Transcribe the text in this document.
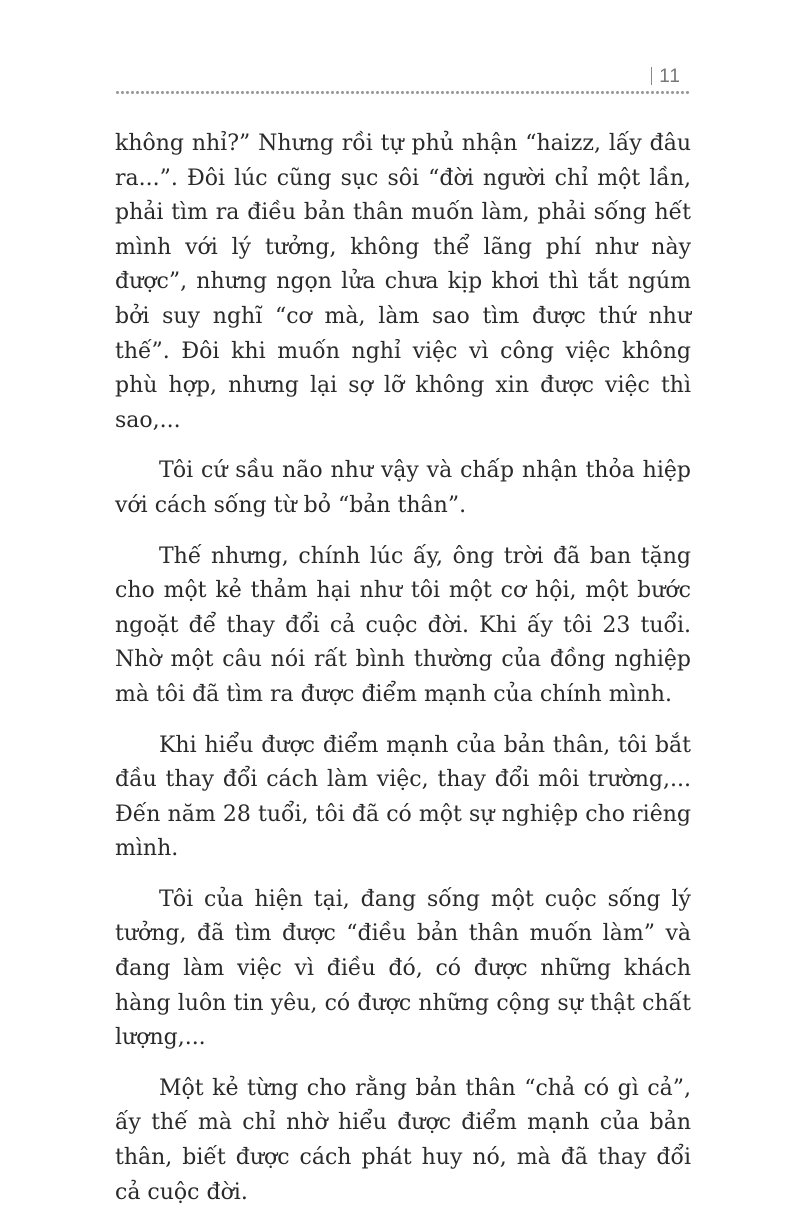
11

không nhỉ?” Nhưng rồi tự phủ nhận “haizz, lấy đâu ra...”. Đôi lúc cũng sục sôi “đời người chỉ một lần, phải tìm ra điều bản thân muốn làm, phải sống hết mình với lý tưởng, không thể lãng phí như này được”, nhưng ngọn lửa chưa kịp khơi thì tắt ngúm bởi suy nghĩ “cơ mà, làm sao tìm được thứ như thế”. Đôi khi muốn nghỉ việc vì công việc không phù hợp, nhưng lại sợ lỡ không xin được việc thì sao,...

Tôi cứ sầu não như vậy và chấp nhận thỏa hiệp với cách sống từ bỏ “bản thân”.

Thế nhưng, chính lúc ấy, ông trời đã ban tặng cho một kẻ thảm hại như tôi một cơ hội, một bước ngoặt để thay đổi cả cuộc đời. Khi ấy tôi 23 tuổi. Nhờ một câu nói rất bình thường của đồng nghiệp mà tôi đã tìm ra được điểm mạnh của chính mình.

Khi hiểu được điểm mạnh của bản thân, tôi bắt đầu thay đổi cách làm việc, thay đổi môi trường,... Đến năm 28 tuổi, tôi đã có một sự nghiệp cho riêng mình.

Tôi của hiện tại, đang sống một cuộc sống lý tưởng, đã tìm được “điều bản thân muốn làm” và đang làm việc vì điều đó, có được những khách hàng luôn tin yêu, có được những cộng sự thật chất lượng,...

Một kẻ từng cho rằng bản thân “chả có gì cả”, ấy thế mà chỉ nhờ hiểu được điểm mạnh của bản thân, biết được cách phát huy nó, mà đã thay đổi cả cuộc đời.
